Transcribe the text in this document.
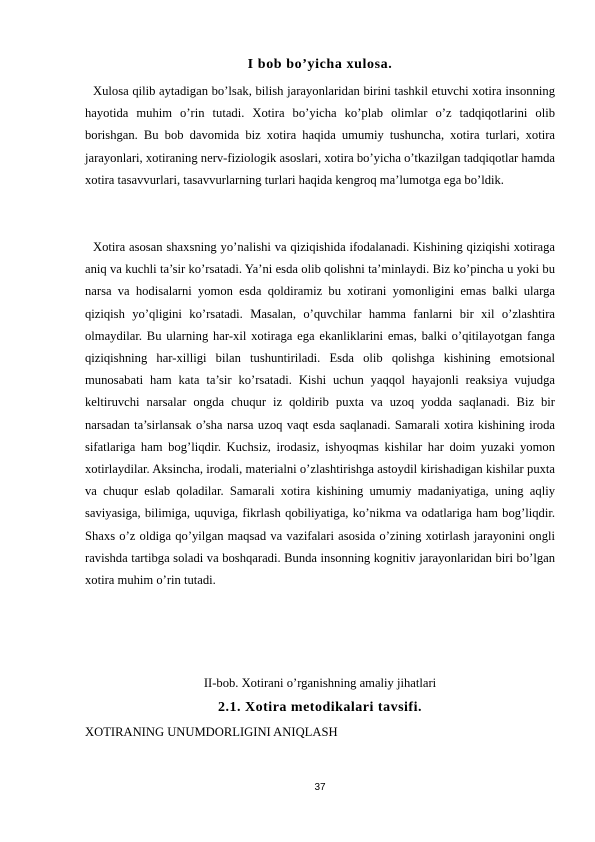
I bob bo’yicha xulosa.

Xulosa qilib aytadigan bo’lsak, bilish jarayonlaridan birini tashkil etuvchi xotira insonning hayotida muhim o’rin tutadi. Xotira bo’yicha ko’plab olimlar o’z tadqiqotlarini olib borishgan. Bu bob davomida biz xotira haqida umumiy tushuncha, xotira turlari, xotira jarayonlari, xotiraning nerv-fiziologik asoslari, xotira bo’yicha o’tkazilgan tadqiqotlar hamda xotira tasavvurlari, tasavvurlarning turlari haqida kengroq ma’lumotga ega bo’ldik.

Xotira asosan shaxsning yo’nalishi va qiziqishida ifodalanadi. Kishining qiziqishi xotiraga aniq va kuchli ta’sir ko’rsatadi. Ya’ni esda olib qolishni ta’minlaydi. Biz ko’pincha u yoki bu narsa va hodisalarni yomon esda qoldiramiz bu xotirani yomonligini emas balki ularga qiziqish yo’qligini ko’rsatadi. Masalan, o’quvchilar hamma fanlarni bir xil o’zlashtira olmaydilar. Bu ularning har-xil xotiraga ega ekanliklarini emas, balki o’qitilayotgan fanga qiziqishning har-xilligi bilan tushuntiriladi. Esda olib qolishga kishining emotsional munosabati ham kata ta’sir ko’rsatadi. Kishi uchun yaqqol hayajonli reaksiya vujudga keltiruvchi narsalar ongda chuqur iz qoldirib puxta va uzoq yodda saqlanadi. Biz bir narsadan ta’sirlansak o’sha narsa uzoq vaqt esda saqlanadi. Samarali xotira kishining iroda sifatlariga ham bog’liqdir. Kuchsiz, irodasiz, ishyoqmas kishilar har doim yuzaki yomon xotirlaydilar. Aksincha, irodali, materialni o’zlashtirishga astoydil kirishadigan kishilar puxta va chuqur eslab qoladilar. Samarali xotira kishining umumiy madaniyatiga, uning aqliy saviyasiga, bilimiga, uquviga, fikrlash qobiliyatiga, ko’nikma va odatlariga ham bog’liqdir. Shaxs o’z oldiga qo’yilgan maqsad va vazifalari asosida o’zining xotirlash jarayonini ongli ravishda tartibga soladi va boshqaradi. Bunda insonning kognitiv jarayonlaridan biri bo’lgan xotira muhim o’rin tutadi.

II-bob. Xotirani o’rganishning amaliy jihatlari
2.1. Xotira metodikalari tavsifi.
XOTIRANING UNUMDORLIGINI ANIQLASH
37
